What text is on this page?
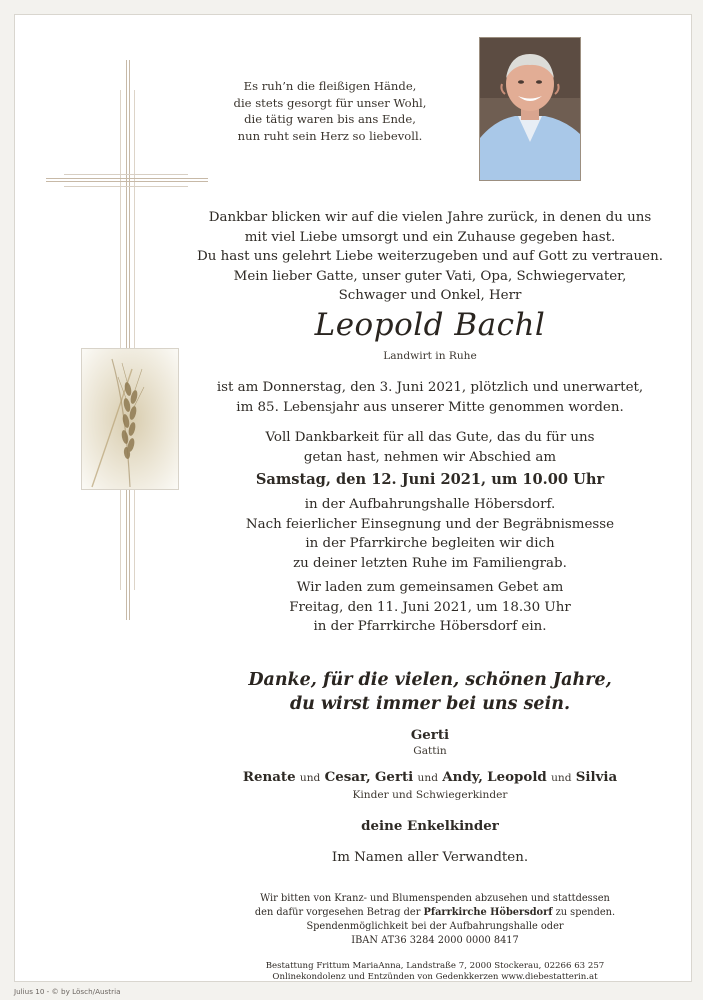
Es ruh’n die fleißigen Hände,
die stets gesorgt für unser Wohl,
die tätig waren bis ans Ende,
nun ruht sein Herz so liebevoll.
Dankbar blicken wir auf die vielen Jahre zurück, in denen du uns
mit viel Liebe umsorgt und ein Zuhause gegeben hast.
Du hast uns gelehrt Liebe weiterzugeben und auf Gott zu vertrauen.
Mein lieber Gatte, unser guter Vati, Opa, Schwiegervater,
Schwager und Onkel, Herr
Leopold Bachl
Landwirt in Ruhe
ist am Donnerstag, den 3. Juni 2021, plötzlich und unerwartet,
im 85. Lebensjahr aus unserer Mitte genommen worden.
Voll Dankbarkeit für all das Gute, das du für uns
getan hast, nehmen wir Abschied am
Samstag, den 12. Juni 2021, um 10.00 Uhr
in der Aufbahrungshalle Höbersdorf.
Nach feierlicher Einsegnung und der Begräbnismesse
in der Pfarrkirche begleiten wir dich
zu deiner letzten Ruhe im Familiengrab.
Wir laden zum gemeinsamen Gebet am
Freitag, den 11. Juni 2021, um 18.30 Uhr
in der Pfarrkirche Höbersdorf ein.
Danke, für die vielen, schönen Jahre,
du wirst immer bei uns sein.
Gerti
Gattin
Renate und Cesar, Gerti und Andy, Leopold und Silvia
Kinder und Schwiegerkinder
deine Enkelkinder
Im Namen aller Verwandten.
Wir bitten von Kranz- und Blumenspenden abzusehen und stattdessen
den dafür vorgesehen Betrag der Pfarrkirche Höbersdorf zu spenden.
Spendenmöglichkeit bei der Aufbahrungshalle oder
IBAN AT36 3284 2000 0000 8417
Bestattung Frittum MariaAnna, Landstraße 7, 2000 Stockerau, 02266 63 257
Onlinekondolenz und Entzünden von Gedenkkerzen www.diebestatterin.at
Julius 10 - © by Lösch/Austria
